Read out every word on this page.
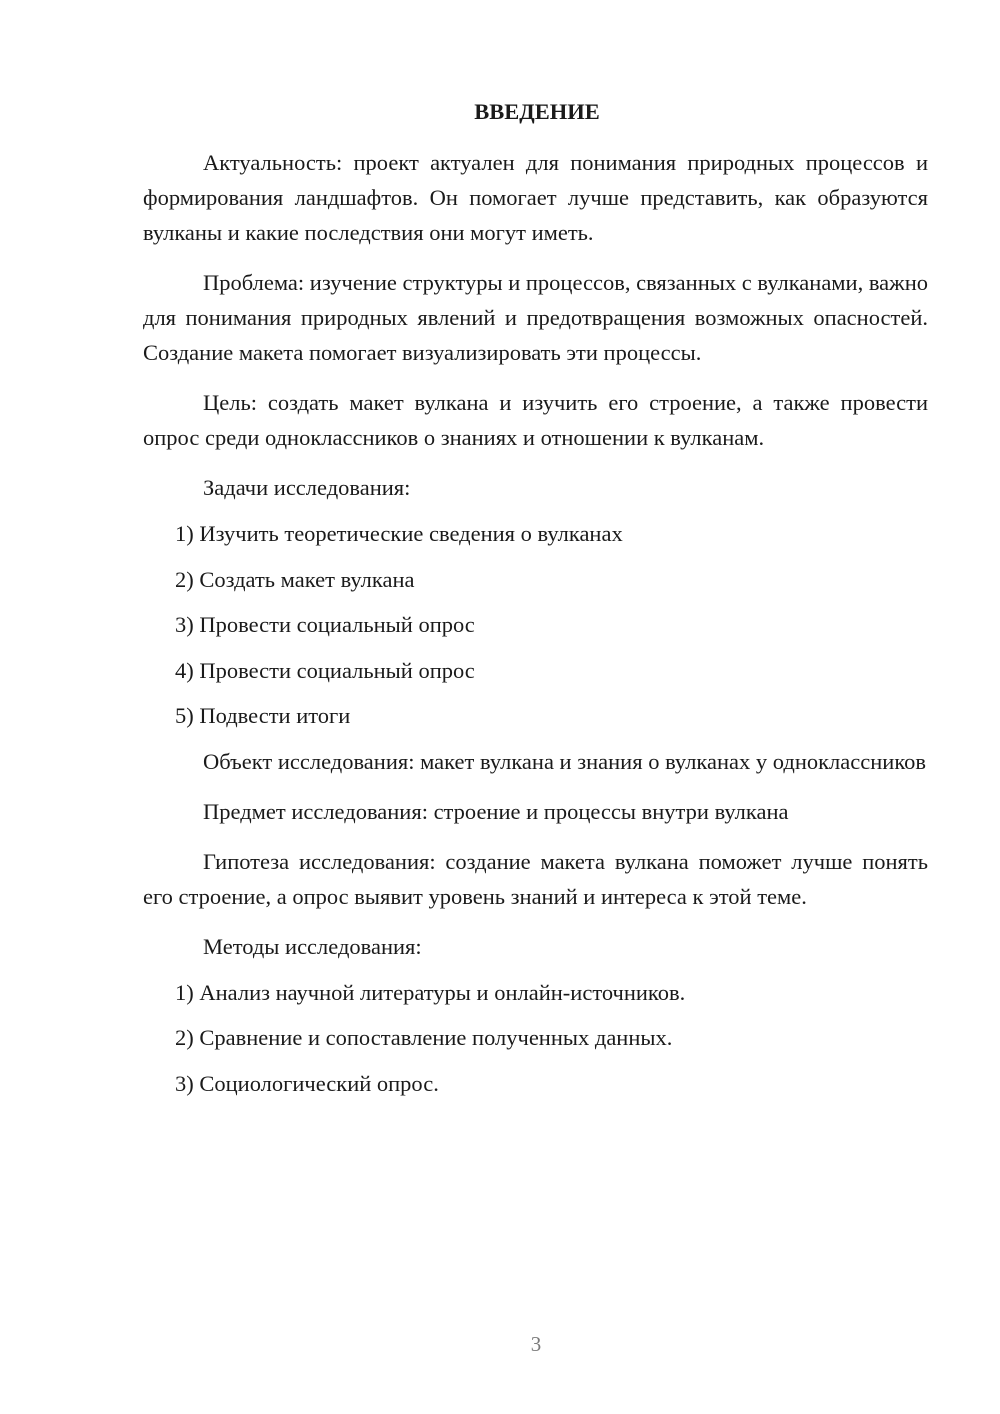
ВВЕДЕНИЕ

Актуальность: проект актуален для понимания природных процессов и формирования ландшафтов. Он помогает лучше представить, как образуются вулканы и какие последствия они могут иметь.

Проблема: изучение структуры и процессов, связанных с вулканами, важно для понимания природных явлений и предотвращения возможных опасностей. Создание макета помогает визуализировать эти процессы.

Цель: создать макет вулкана и изучить его строение, а также провести опрос среди одноклассников о знаниях и отношении к вулканам.

Задачи исследования:
1) Изучить теоретические сведения о вулканах
2) Создать макет вулкана
3) Провести социальный опрос
4) Провести социальный опрос
5) Подвести итоги

Объект исследования: макет вулкана и знания о вулканах у одноклассников

Предмет исследования: строение и процессы внутри вулкана

Гипотеза исследования: создание макета вулкана поможет лучше понять его строение, а опрос выявит уровень знаний и интереса к этой теме.

Методы исследования:
1) Анализ научной литературы и онлайн-источников.
2) Сравнение и сопоставление полученных данных.
3) Социологический опрос.
3
